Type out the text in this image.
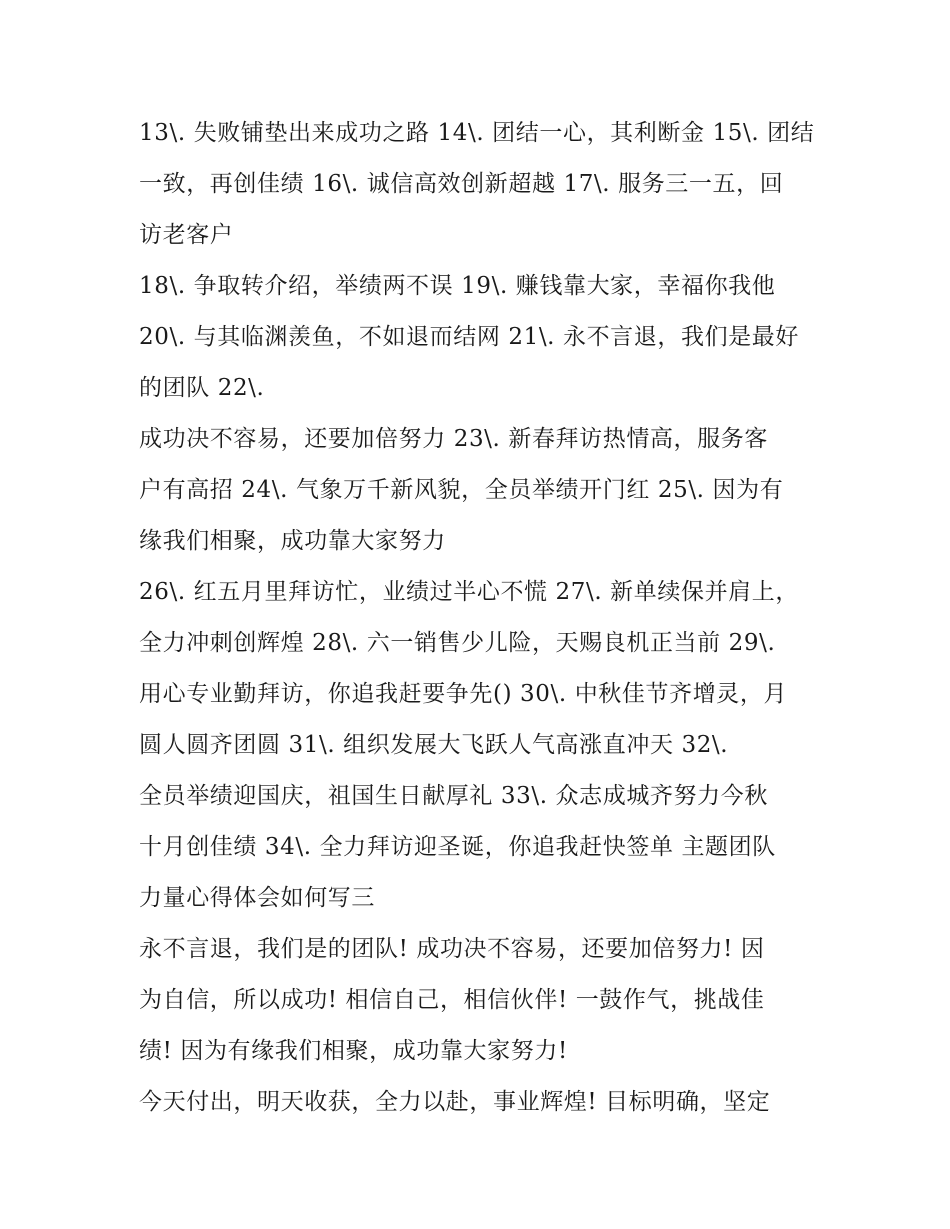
13\. 失败铺垫出来成功之路 14\. 团结一心，其利断金 15\. 团结
一致，再创佳绩 16\. 诚信高效创新超越 17\. 服务三一五，回
访老客户
18\. 争取转介绍，举绩两不误 19\. 赚钱靠大家，幸福你我他
20\. 与其临渊羡鱼，不如退而结网 21\. 永不言退，我们是最好
的团队 22\.
成功决不容易，还要加倍努力 23\. 新春拜访热情高，服务客
户有高招 24\. 气象万千新风貌，全员举绩开门红 25\. 因为有
缘我们相聚，成功靠大家努力
26\. 红五月里拜访忙，业绩过半心不慌 27\. 新单续保并肩上，
全力冲刺创辉煌 28\. 六一销售少儿险，天赐良机正当前 29\.
用心专业勤拜访，你追我赶要争先() 30\. 中秋佳节齐增灵，月
圆人圆齐团圆 31\. 组织发展大飞跃人气高涨直冲天 32\.
全员举绩迎国庆，祖国生日献厚礼 33\. 众志成城齐努力今秋
十月创佳绩 34\. 全力拜访迎圣诞，你追我赶快签单 主题团队
力量心得体会如何写三
永不言退，我们是的团队! 成功决不容易，还要加倍努力! 因
为自信，所以成功! 相信自己，相信伙伴! 一鼓作气，挑战佳
绩! 因为有缘我们相聚，成功靠大家努力!
今天付出，明天收获，全力以赴，事业辉煌! 目标明确，坚定
